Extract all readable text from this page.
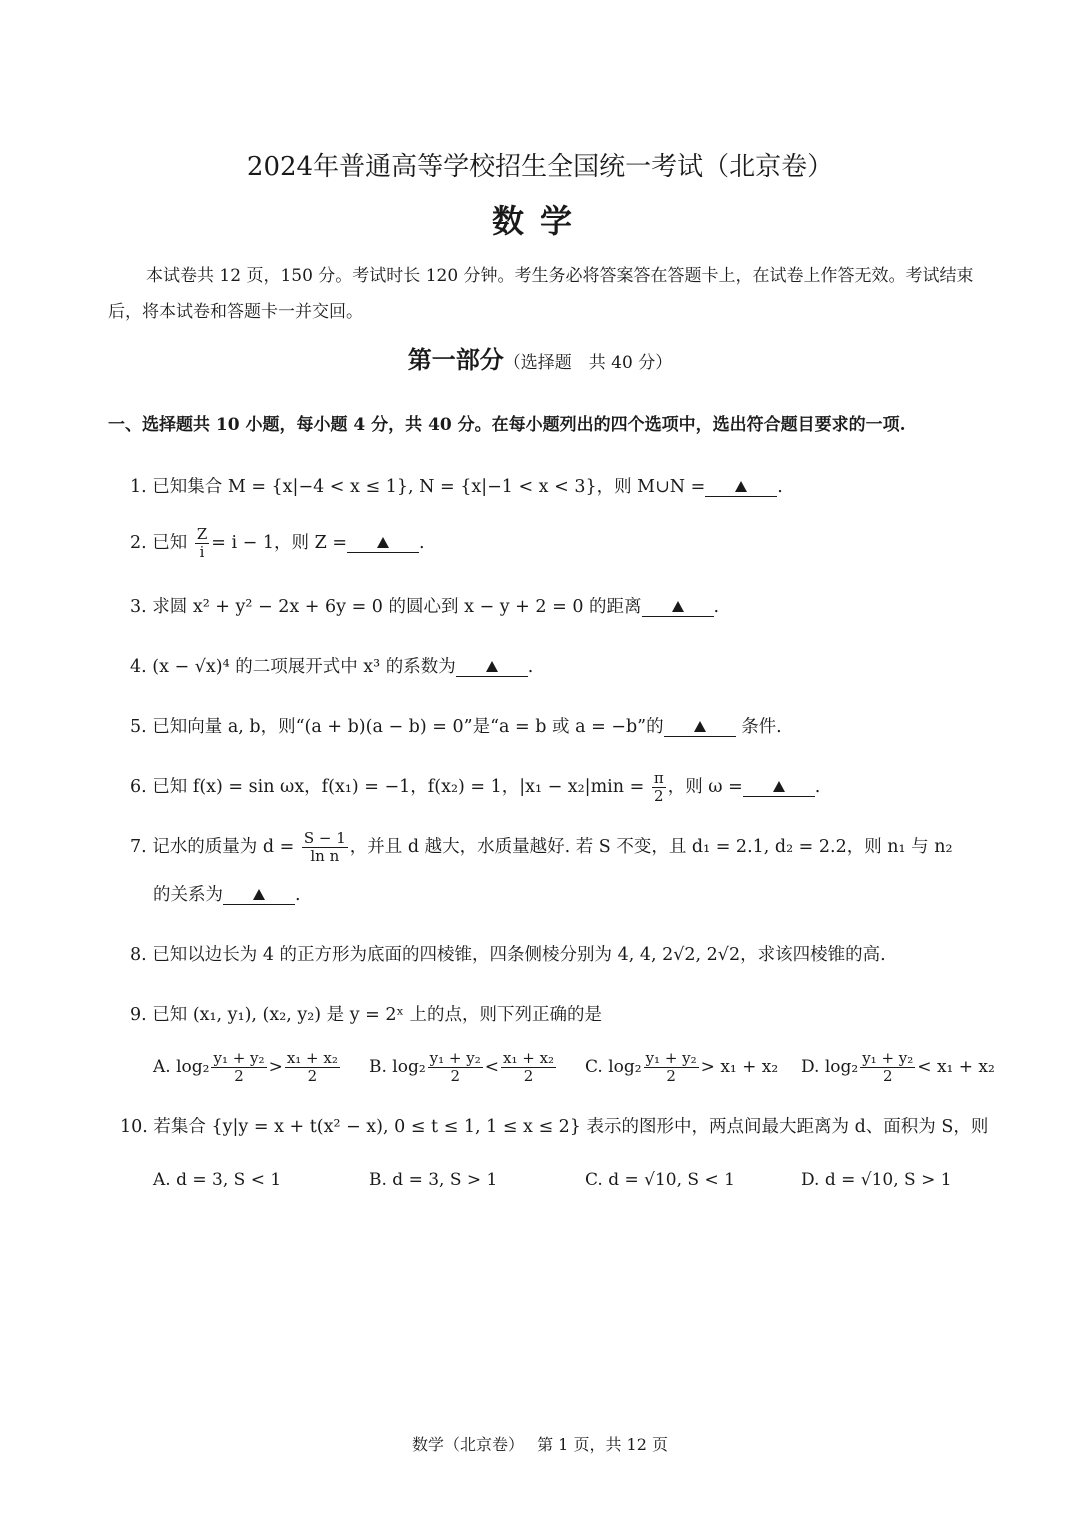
2024年普通高等学校招生全国统一考试（北京卷）
数学
本试卷共 12 页，150 分。考试时长 120 分钟。考生务必将答案答在答题卡上，在试卷上作答无效。考试结束后，将本试卷和答题卡一并交回。
第一部分（选择题　共 40 分）
一、选择题共 10 小题，每小题 4 分，共 40 分。在每小题列出的四个选项中，选出符合题目要求的一项.
1. 已知集合 M = {x|−4 < x ≤ 1}, N = {x|−1 < x < 3}，则 M∪N =	.
2. 已知 $\frac{Z}{i} = i - 1$，则 Z =	.
3. 求圆 x² + y² − 2x + 6y = 0 的圆心到 x − y + 2 = 0 的距离	.
4. (x − √x)⁴ 的二项展开式中 x³ 的系数为	.
5. 已知向量 a, b，则“(a + b)(a − b) = 0”是“a = b 或 a = −b”的	条件.
6. 已知 f(x) = sin ωx，f(x₁) = −1，f(x₂) = 1，$|x_1 - x_2|\min = \frac{\pi}{2}$ ，则 ω =	.
7. 记水的质量为 $d = \frac{S - 1}{\text{ln n}}$ ，并且 d 越大，水质量越好. 若 S 不变，且 d₁ = 2.1, d₂ = 2.2，则 n₁ 与 n₂
的关系为	.
8. 已知以边长为 4 的正方形为底面的四棱锥，四条侧棱分别为 4, 4, 2√2, 2√2，求该四棱锥的高.
9. 已知 (x₁, y₁), (x₂, y₂) 是 y = 2ˣ 上的点，则下列正确的是
A. $\log_2 \frac{\text{y₁ + y₂}}{2} > \frac{\text{x₁ + x₂}}{2} B$. $\log_2 \frac{\text{y₁ + y₂}}{2} < \frac{\text{x₁ + x₂}}{2} C$. $\log_2 \frac{\text{y₁ + y₂}}{2} > x_1 + x_2$ D. $\log_2 \frac{\text{y₁ + y₂}}{2} < x_1 + x_2$
10. 若集合 {y|y = x + t(x² − x), 0 ≤ t ≤ 1, 1 ≤ x ≤ 2} 表示的图形中，两点间最大距离为 d、面积为 S，则
A. d = 3, S < 1	B. d = 3, S > 1	C. d = √10, S < 1	D. d = √10, S > 1
数学（北京卷）　 第 1 页，共 12 页
